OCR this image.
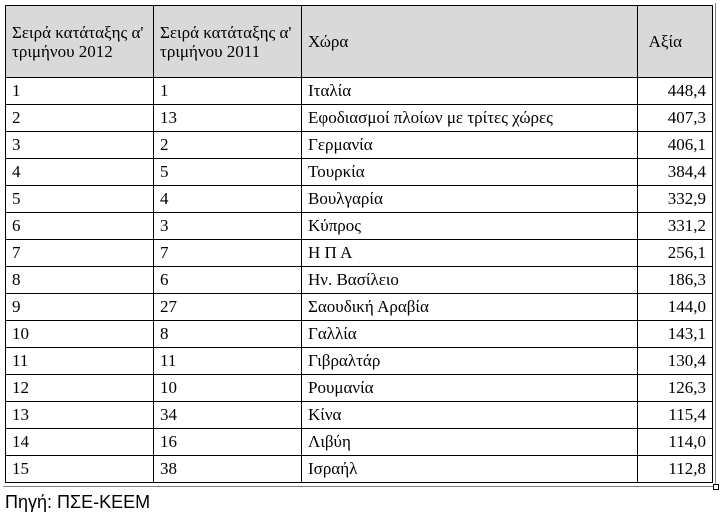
Σειρά κατάταξης α' τριμήνου 2012	Σειρά κατάταξης α' τριμήνου 2011	Χώρα	Αξία
1	1	Ιταλία	448,4
2	13	Εφοδιασμοί πλοίων με τρίτες χώρες	407,3
3	2	Γερμανία	406,1
4	5	Τουρκία	384,4
5	4	Βουλγαρία	332,9
6	3	Κύπρος	331,2
7	7	Η Π Α	256,1
8	6	Ην. Βασίλειο	186,3
9	27	Σαουδική Αραβία	144,0
10	8	Γαλλία	143,1
11	11	Γιβραλτάρ	130,4
12	10	Ρουμανία	126,3
13	34	Κίνα	115,4
14	16	Λιβύη	114,0
15	38	Ισραήλ	112,8
Πηγή: ΠΣΕ-ΚΕΕΜ
